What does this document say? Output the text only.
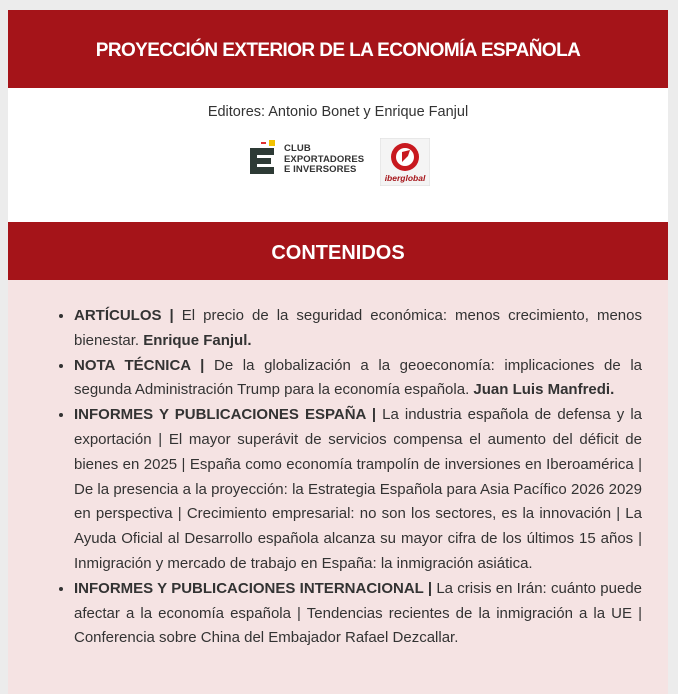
PROYECCIÓN EXTERIOR DE LA ECONOMÍA ESPAÑOLA
Editores: Antonio Bonet y Enrique Fanjul
CLUB
EXPORTADORES
E INVERSORES
iberglobal
CONTENIDOS
• ARTÍCULOS | El precio de la seguridad económica: menos crecimiento, menos bienestar. Enrique Fanjul.
• NOTA TÉCNICA | De la globalización a la geoeconomía: implicaciones de la segunda Administración Trump para la economía española. Juan Luis Manfredi.
• INFORMES Y PUBLICACIONES ESPAÑA | La industria española de defensa y la exportación | El mayor superávit de servicios compensa el aumento del déficit de bienes en 2025 | España como economía trampolín de inversiones en Iberoamérica | De la presencia a la proyección: la Estrategia Española para Asia Pacífico 2026 2029 en perspectiva | Crecimiento empresarial: no son los sectores, es la innovación | La Ayuda Oficial al Desarrollo española alcanza su mayor cifra de los últimos 15 años | Inmigración y mercado de trabajo en España: la inmigración asiática.
• INFORMES Y PUBLICACIONES INTERNACIONAL | La crisis en Irán: cuánto puede afectar a la economía española | Tendencias recientes de la inmigración a la UE | Conferencia sobre China del Embajador Rafael Dezcallar.
